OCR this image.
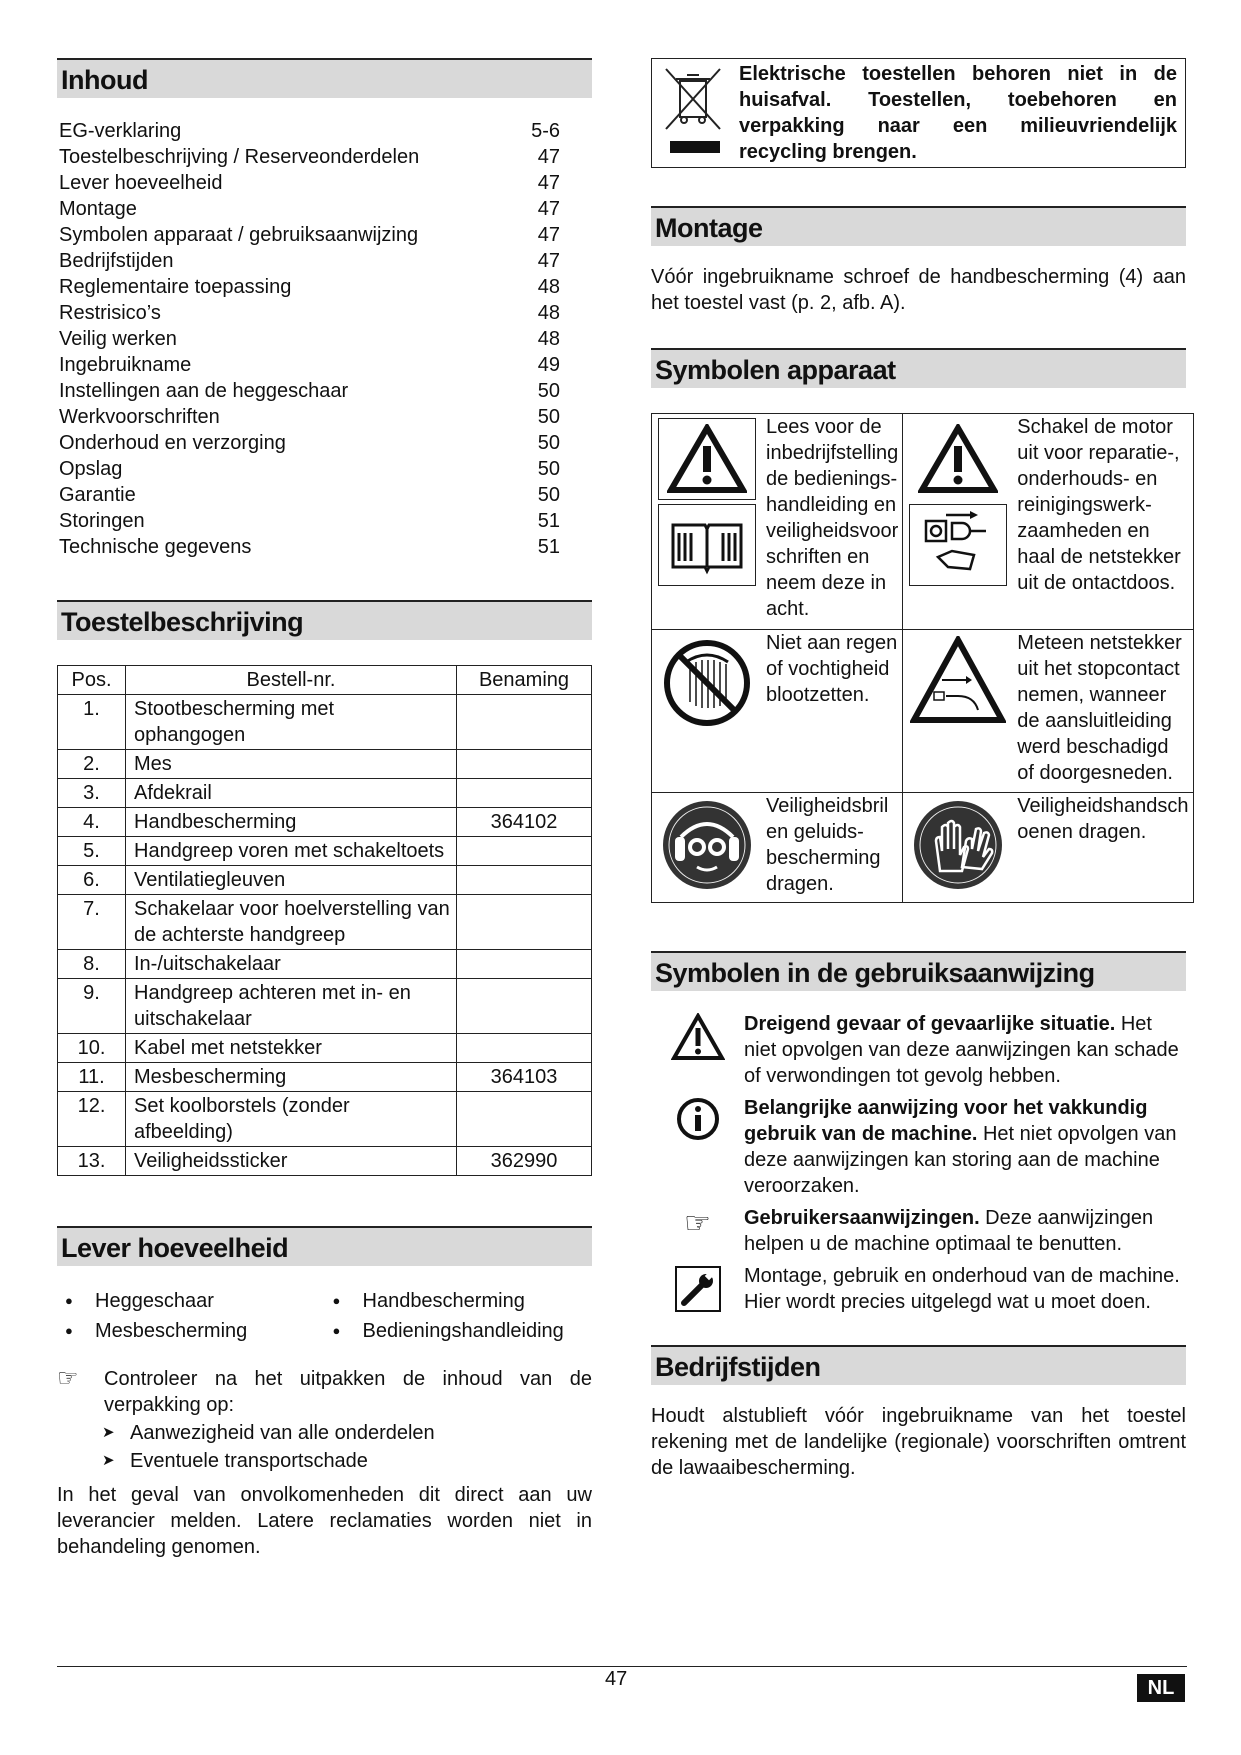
Inhoud
EG-verklaring	5-6
Toestelbeschrijving / Reserveonderdelen	47
Lever hoeveelheid	47
Montage	47
Symbolen apparaat / gebruiksaanwijzing	47
Bedrijfstijden	47
Reglementaire toepassing	48
Restrisico’s	48
Veilig werken	48
Ingebruikname	49
Instellingen aan de heggeschaar	50
Werkvoorschriften	50
Onderhoud en verzorging	50
Opslag	50
Garantie	50
Storingen	51
Technische gegevens	51
Toestelbeschrijving
Pos.	Bestell-nr.	Benaming
1.	Stootbescherming met ophangogen	
2.	Mes	
3.	Afdekrail	
4.	Handbescherming	364102
5.	Handgreep voren met schakeltoets	
6.	Ventilatiegleuven	
7.	Schakelaar voor hoelverstelling van de achterste handgreep	
8.	In-/uitschakelaar	
9.	Handgreep achteren met in- en uitschakelaar	
10.	Kabel met netstekker	
11.	Mesbescherming	364103
12.	Set koolborstels (zonder afbeelding)	
13.	Veiligheidssticker	362990
Lever hoeveelheid
● Heggeschaar
● Mesbescherming
● Handbescherming
● Bedieningshandleiding
☞ Controleer na het uitpakken de inhoud van de verpakking op:

➤ Aanwezigheid van alle onderdelen
➤ Eventuele transportschade

In het geval van onvolkomenheden dit direct aan uw leverancier melden. Latere reclamaties worden niet in behandeling genomen.

Elektrische toestellen behoren niet in de huisafval. Toestellen, toebehoren en verpakking naar een milieuvriendelijk recycling brengen.
Montage

Vóór ingebruikname schroef de handbescherming (4) aan het toestel vast (p. 2, afb. A).

Symbolen apparaat
Lees voor de inbedrijfstelling de bedienings-handleiding en veiligheidsvoor schriften en neem deze in acht.	Schakel de motor uit voor reparatie-, onderhouds- en reinigingswerk-zaamheden en haal de netstekker uit de ontactdoos.

Niet aan regen of vochtigheid blootzetten.	Meteen netstekker uit het stopcontact nemen, wanneer de aansluitleiding werd beschadigd of doorgesneden.

Veiligheidsbril en geluids-bescherming dragen.	Veiligheidshandsch oenen dragen.
Symbolen in de gebruiksaanwijzing
Dreigend gevaar of gevaarlijke situatie. Het niet opvolgen van deze aanwijzingen kan schade of verwondingen tot gevolg hebben.
Belangrijke aanwijzing voor het vakkundig gebruik van de machine. Het niet opvolgen van deze aanwijzingen kan storing aan de machine veroorzaken.
☞ Gebruikersaanwijzingen. Deze aanwijzingen helpen u de machine optimaal te benutten.
Montage, gebruik en onderhoud van de machine. Hier wordt precies uitgelegd wat u moet doen.
Bedrijfstijden

Houdt alstublieft vóór ingebruikname van het toestel rekening met de landelijke (regionale) voorschriften omtrent de lawaaibescherming.

47	NL
